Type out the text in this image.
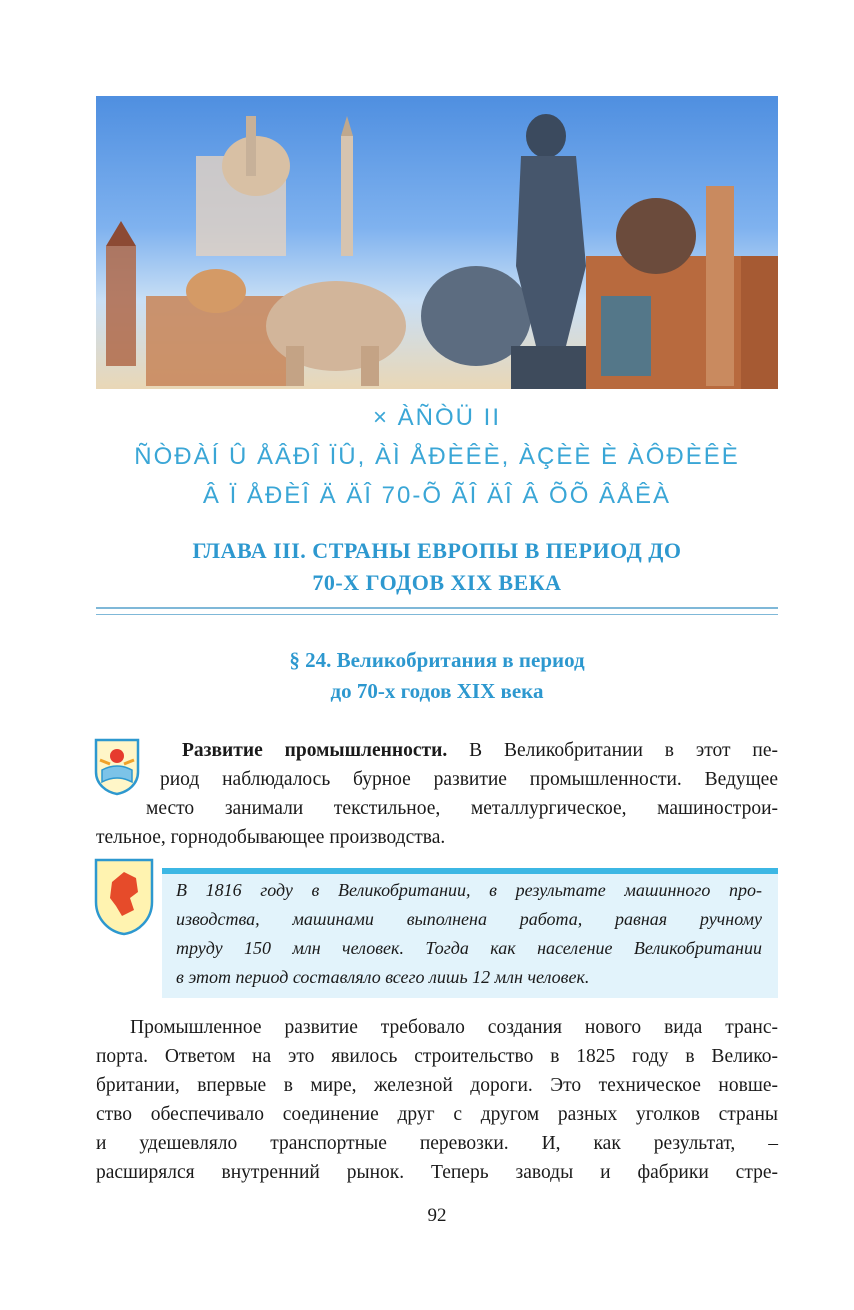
× ÀÑÒÜ II
ÑÒÐÀÍ Û ÅÂÐÎ ÏÛ, ÀÌ ÅÐÈÊÈ, ÀÇÈÈ È ÀÔÐÈÊÈ
Â Ï ÅÐÈÎ Ä ÄÎ 70-Õ ÃÎ ÄÎ Â ÕÕ ÂÅÊÀ
ГЛАВА III. СТРАНЫ ЕВРОПЫ В ПЕРИОД ДО
70-Х ГОДОВ XIX ВЕКА
§ 24. Великобритания в период
до 70-х годов XIX века
Развитие промышленности. В Великобритании в этот пе-
риод наблюдалось бурное развитие промышленности. Ведущее
место занимали текстильное, металлургическое, машинострои-
тельное, горнодобывающее производства.
В 1816 году в Великобритании, в результате машинного про-
изводства, машинами выполнена работа, равная ручному
труду 150 млн человек. Тогда как население Великобритании
в этот период составляло всего лишь 12 млн человек.
Промышленное развитие требовало создания нового вида транс-
порта. Ответом на это явилось строительство в 1825 году в Велико-
британии, впервые в мире, железной дороги. Это техническое новше-
ство обеспечивало соединение друг с другом разных уголков страны
и удешевляло транспортные перевозки. И, как результат, –
расширялся внутренний рынок. Теперь заводы и фабрики стре-
92
